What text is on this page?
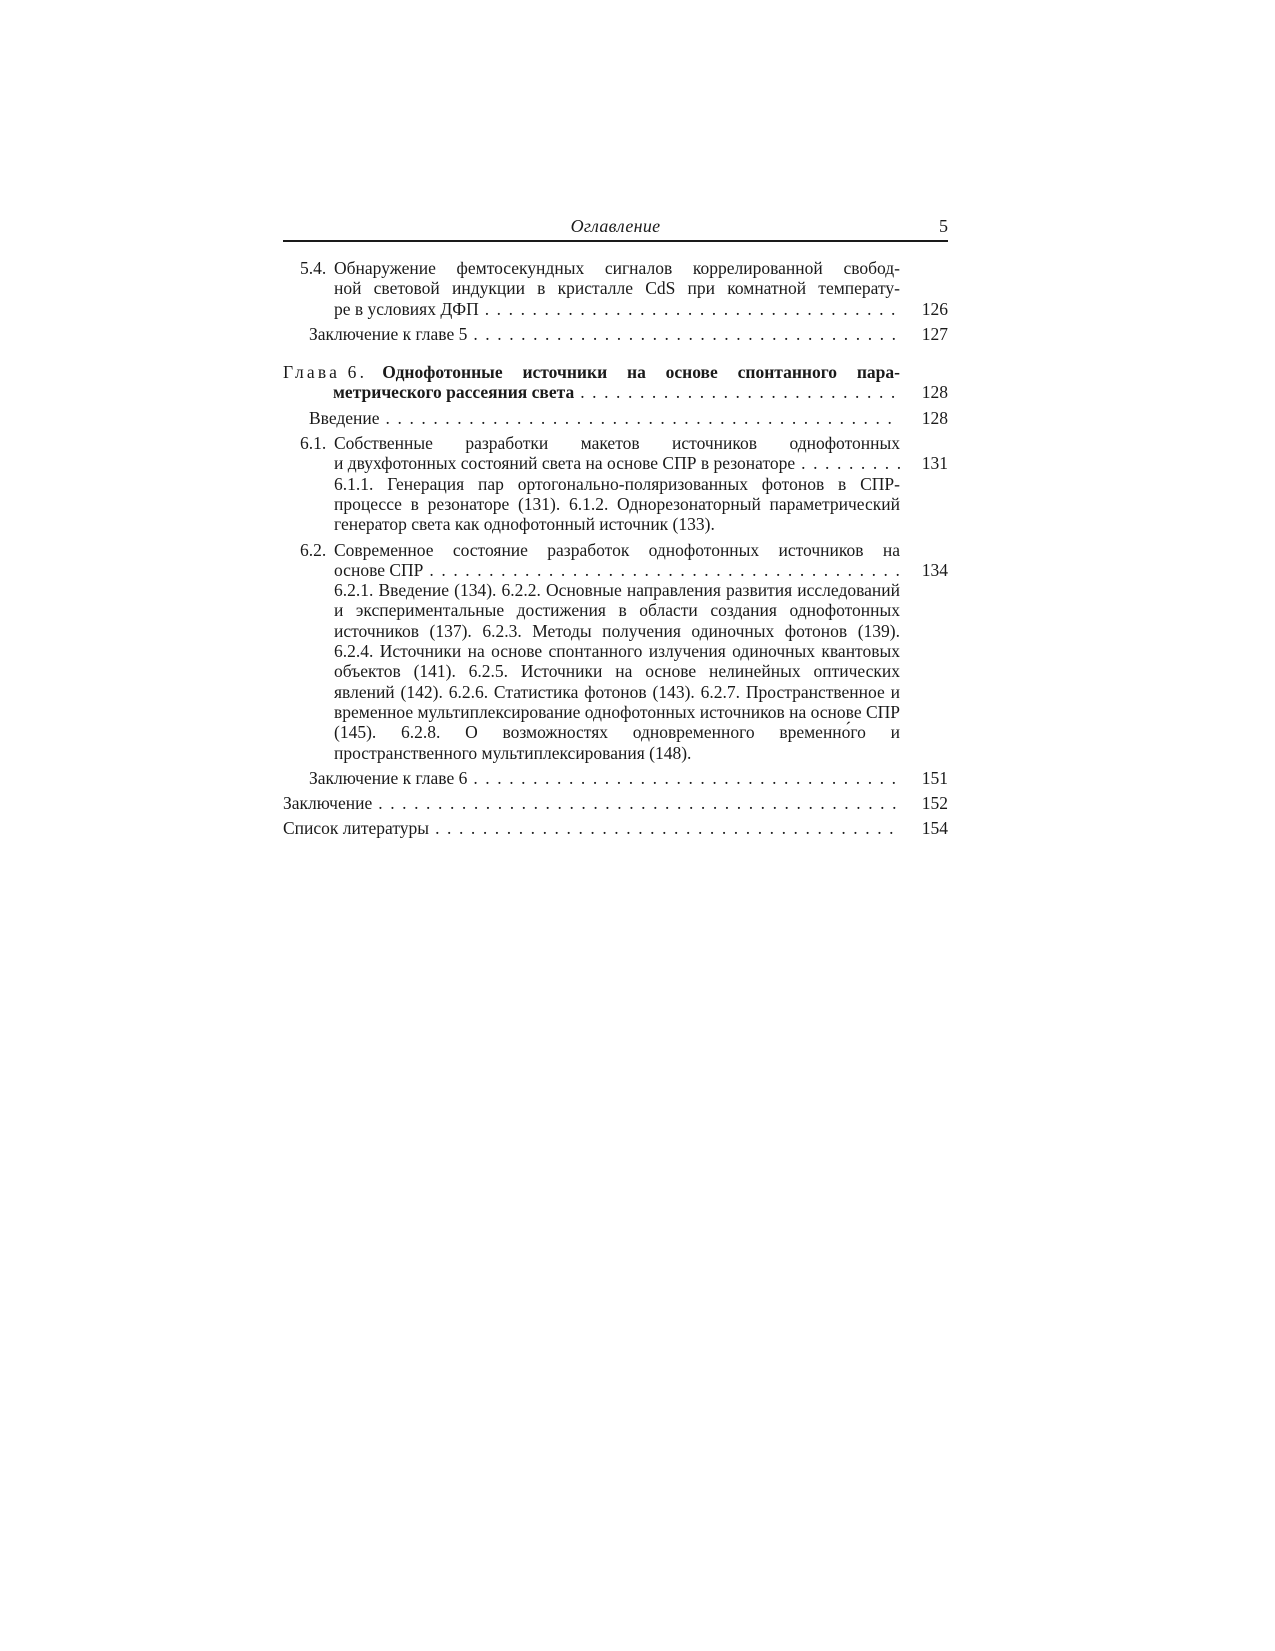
Оглавление	5
5.4. Обнаружение фемтосекундных сигналов коррелированной свобод-
ной световой индукции в кристалле CdS при комнатной температу-
ре в условиях ДФП . . .	126
Заключение к главе 5 . . .	127
Глава 6. Однофотонные источники на основе спонтанного пара-
метрического рассеяния света . . .	128
Введение . . .	128
6.1. Собственные разработки макетов источников однофотонных
и двухфотонных состояний света на основе СПР в резонаторе . . .	131
6.1.1. Генерация пар ортогонально-поляризованных фотонов в СПР-процессе в резонаторе (131). 6.1.2. Однорезонаторный параметрический генератор света как однофотонный источник (133).
6.2. Современное состояние разработок однофотонных источников на
основе СПР . . .	134
6.2.1. Введение (134). 6.2.2. Основные направления развития исследований и экспериментальные достижения в области создания однофотонных источников (137). 6.2.3. Методы получения одиночных фотонов (139). 6.2.4. Источники на основе спонтанного излучения одиночных квантовых объектов (141). 6.2.5. Источники на основе нелинейных оптических явлений (142). 6.2.6. Статистика фотонов (143). 6.2.7. Пространственное и временное мультиплексирование однофотонных источников на основе СПР (145). 6.2.8. О возможностях одновременного временно́го и пространственного мультиплексирования (148).
Заключение к главе 6 . . .	151
Заключение . . .	152
Список литературы . . .	154
